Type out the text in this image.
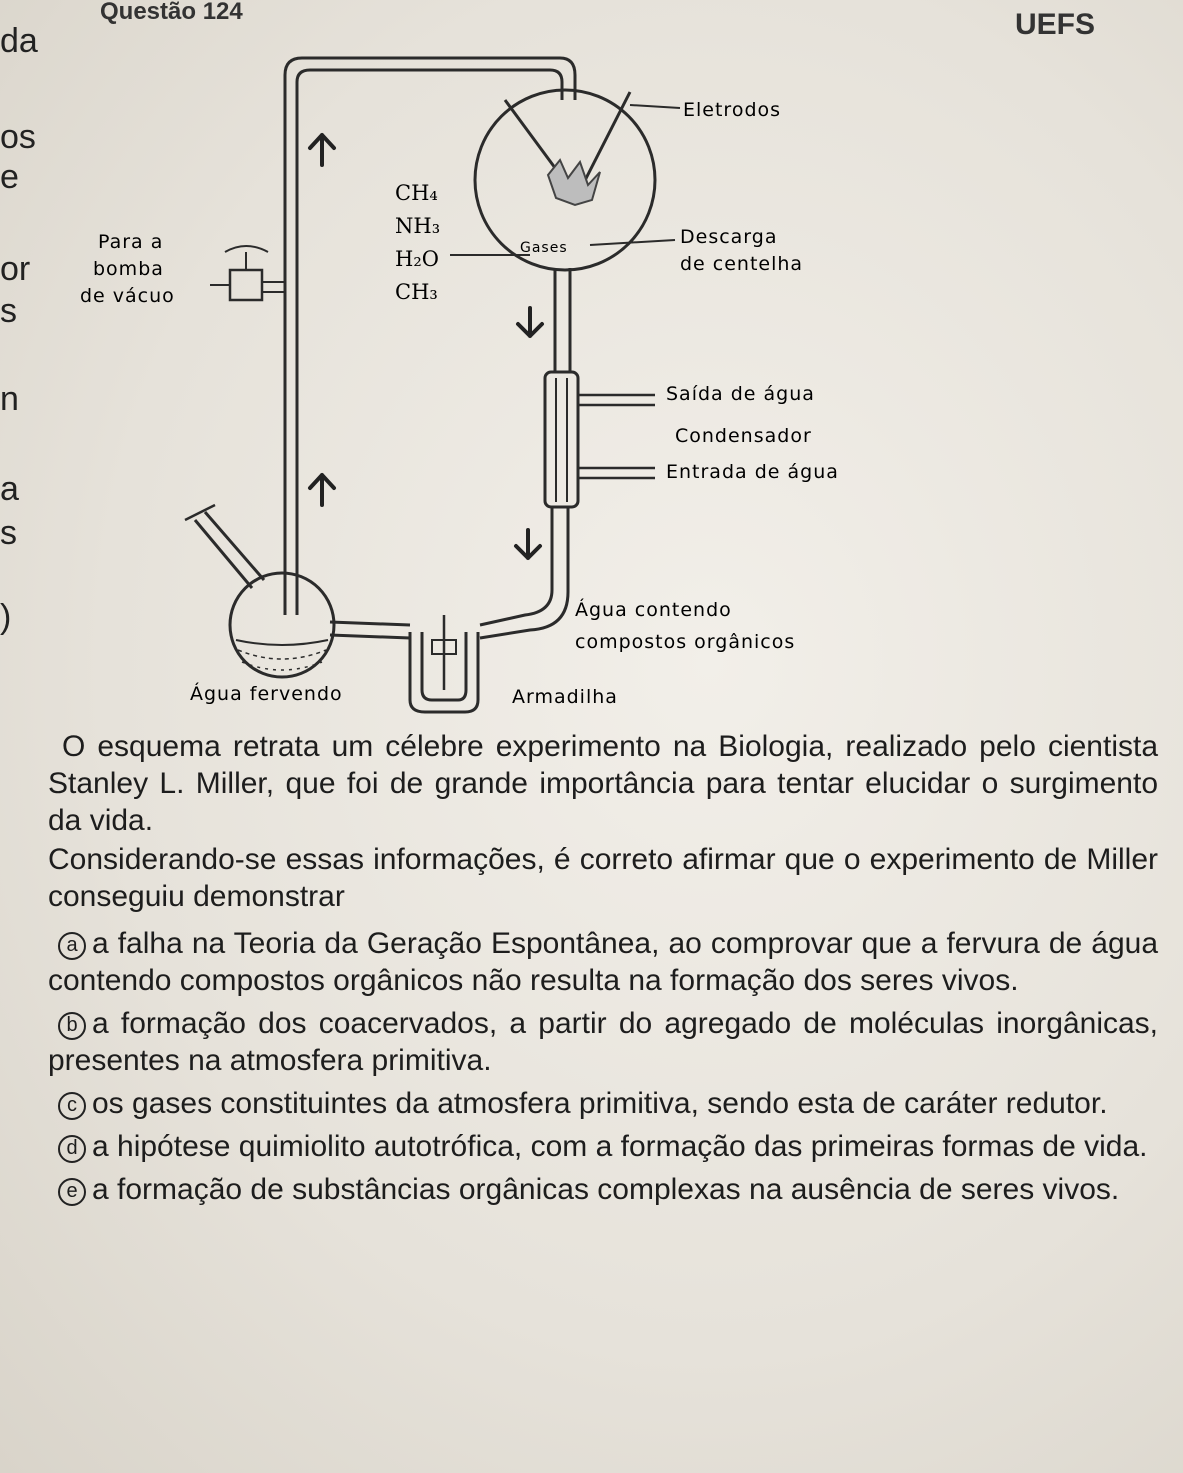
Questão 124	UEFS
da
os
e
or
s
n
a
s
)
Eletrodos
Descarga
de centelha
Gases
Para a
bomba
de vácuo
Saída de água
Condensador
Entrada de água
Água contendo
compostos orgânicos
Água fervendo	Armadilha
CH₄
NH₃
H₂O
CH₃

O esquema retrata um célebre experimento na Biologia, realizado pelo cientista Stanley L. Miller, que foi de grande importância para tentar elucidar o surgimento da vida.

Considerando-se essas informações, é correto afirmar que o experimento de Miller conseguiu demonstrar

a a falha na Teoria da Geração Espontânea, ao comprovar que a fervura de água contendo compostos orgânicos não resulta na formação dos seres vivos.

b a formação dos coacervados, a partir do agregado de moléculas inorgânicas, presentes na atmosfera primitiva.

c os gases constituintes da atmosfera primitiva, sendo esta de caráter redutor.

d a hipótese quimiolito autotrófica, com a formação das primeiras formas de vida.

e a formação de substâncias orgânicas complexas na ausência de seres vivos.
